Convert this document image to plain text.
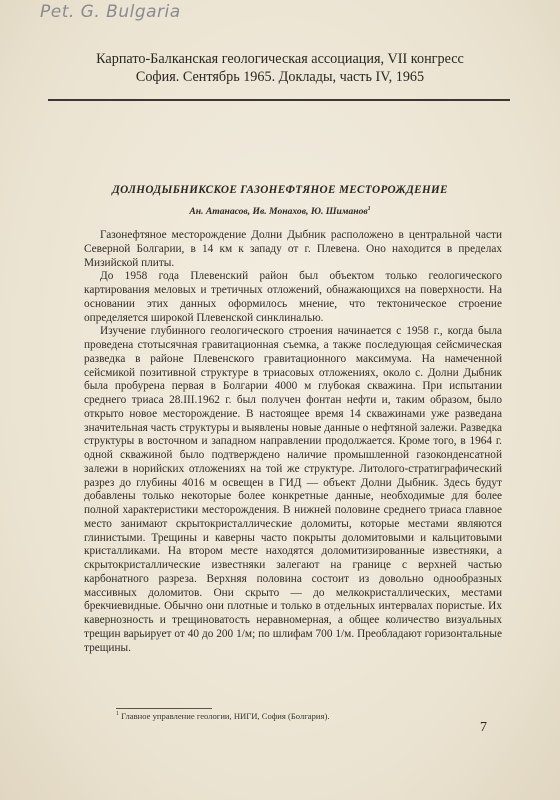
Pet. G. Bulgaria
Карпато-Балканская геологическая ассоциация, VII конгресс
София. Сентябрь 1965. Доклады, часть IV, 1965
ДОЛНОДЫБНИКСКОЕ ГАЗОНЕФТЯНОЕ МЕСТОРОЖДЕНИЕ
Ан. Атанасов, Ив. Монахов, Ю. Шиманов$^1$

Газонефтяное месторождение Долни Дыбник расположено в центральной части Северной Болгарии, в 14 км к западу от г. Плевена. Оно находится в пределах Мизийской плиты.

До 1958 года Плевенский район был объектом только геологического картирования меловых и третичных отложений, обнажающихся на поверхности. На основании этих данных оформилось мнение, что тектоническое строение определяется широкой Плевенской синклиналью.

Изучение глубинного геологического строения начинается с 1958 г., когда была проведена стотысячная гравитационная съемка, а также последующая сейсмическая разведка в районе Плевенского гравитационного максимума. На намеченной сейсмикой позитивной структуре в триасовых отложениях, около с. Долни Дыбник была пробурена первая в Болгарии 4000 м глубокая скважина. При испытании среднего триаса 28.III.1962 г. был получен фонтан нефти и, таким образом, было открыто новое месторождение. В настоящее время 14 скважинами уже разведана значительная часть структуры и выявлены новые данные о нефтяной залежи. Разведка структуры в восточном и западном направлении продолжается. Кроме того, в 1964 г. одной скважиной было подтверждено наличие промышленной газоконденсатной залежи в норийских отложениях на той же структуре. Литолого-стратиграфический разрез до глубины 4016 м освещен в ГИД — объект Долни Дыбник. Здесь будут добавлены только некоторые более конкретные данные, необходимые для более полной характеристики месторождения. В нижней половине среднего триаса главное место занимают скрытокристаллические доломиты, которые местами являются глинистыми. Трещины и каверны часто покрыты доломитовыми и кальцитовыми кристалликами. На втором месте находятся доломитизированные известняки, а скрытокристаллические известняки залегают на границе с верхней частью карбонатного разреза. Верхняя половина состоит из довольно однообразных массивных доломитов. Они скрыто — до мелкокристаллических, местами брекчиевидные. Обычно они плотные и только в отдельных интервалах пористые. Их кавернозность и трещиноватость неравномерная, а общее количество визуальных трещин варьирует от 40 до 200 1/м; по шлифам 700 1/м. Преобладают горизонтальные трещины.

$^1$ Главное управление геологии, НИГИ, София (Болгария).
7
